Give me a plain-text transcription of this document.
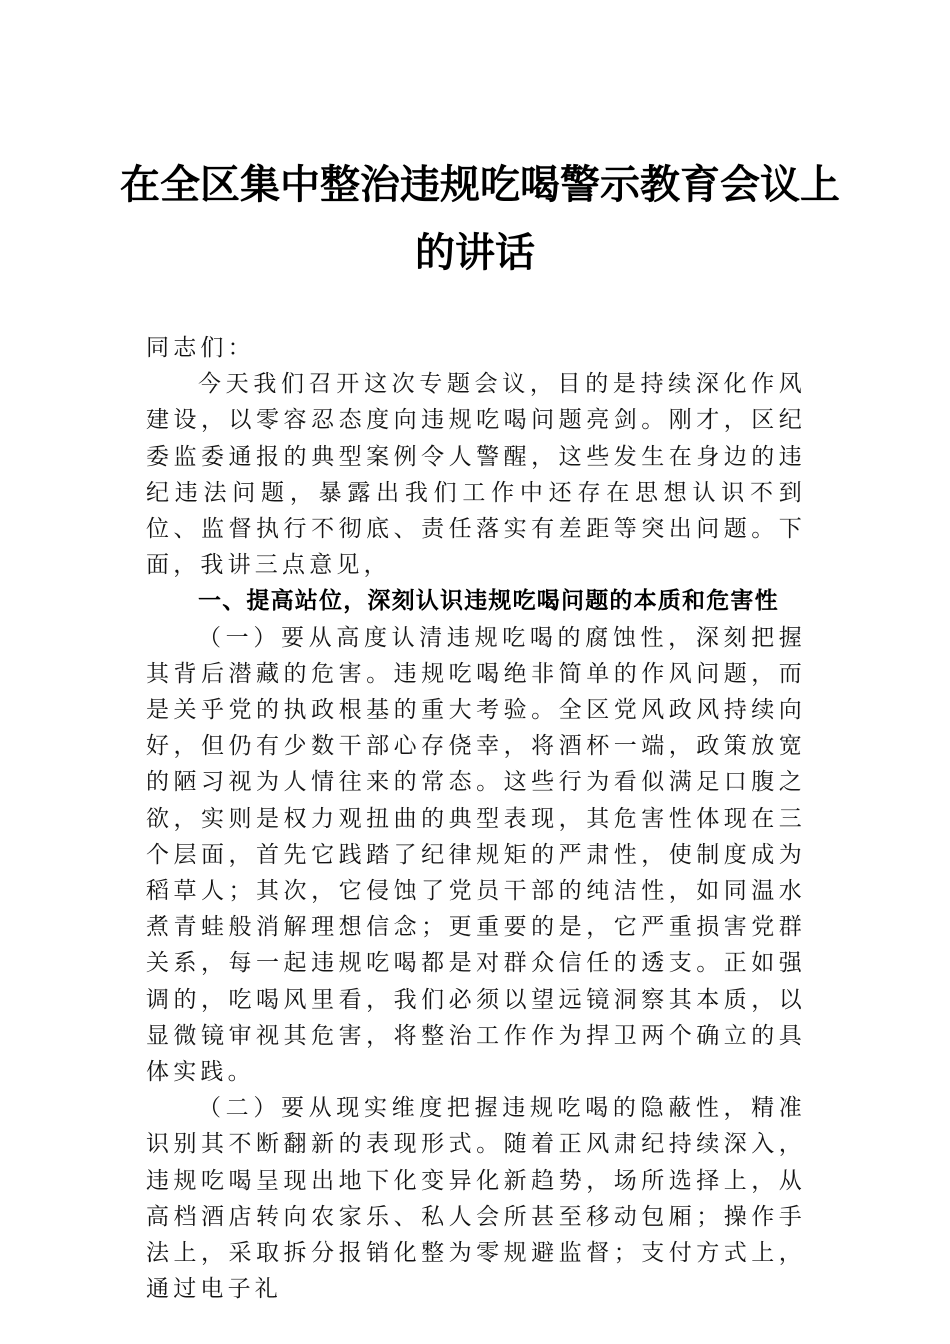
在全区集中整治违规吃喝警示教育会议上
的讲话

同志们：

今天我们召开这次专题会议，目的是持续深化作风建设，以零容忍态度向违规吃喝问题亮剑。刚才，区纪委监委通报的典型案例令人警醒，这些发生在身边的违纪违法问题，暴露出我们工作中还存在思想认识不到位、监督执行不彻底、责任落实有差距等突出问题。下面，我讲三点意见，

一、提高站位，深刻认识违规吃喝问题的本质和危害性

（一）要从高度认清违规吃喝的腐蚀性，深刻把握其背后潜藏的危害。违规吃喝绝非简单的作风问题，而是关乎党的执政根基的重大考验。全区党风政风持续向好，但仍有少数干部心存侥幸，将酒杯一端，政策放宽的陋习视为人情往来的常态。这些行为看似满足口腹之欲，实则是权力观扭曲的典型表现，其危害性体现在三个层面，首先它践踏了纪律规矩的严肃性，使制度成为稻草人；其次，它侵蚀了党员干部的纯洁性，如同温水煮青蛙般消解理想信念；更重要的是，它严重损害党群关系，每一起违规吃喝都是对群众信任的透支。正如强调的，吃喝风里看，我们必须以望远镜洞察其本质，以显微镜审视其危害，将整治工作作为捍卫两个确立的具体实践。

（二）要从现实维度把握违规吃喝的隐蔽性，精准识别其不断翻新的表现形式。随着正风肃纪持续深入，违规吃喝呈现出地下化变异化新趋势，场所选择上，从高档酒店转向农家乐、私人会所甚至移动包厢；操作手法上，采取拆分报销化整为零规避监督；支付方式上，通过电子礼
